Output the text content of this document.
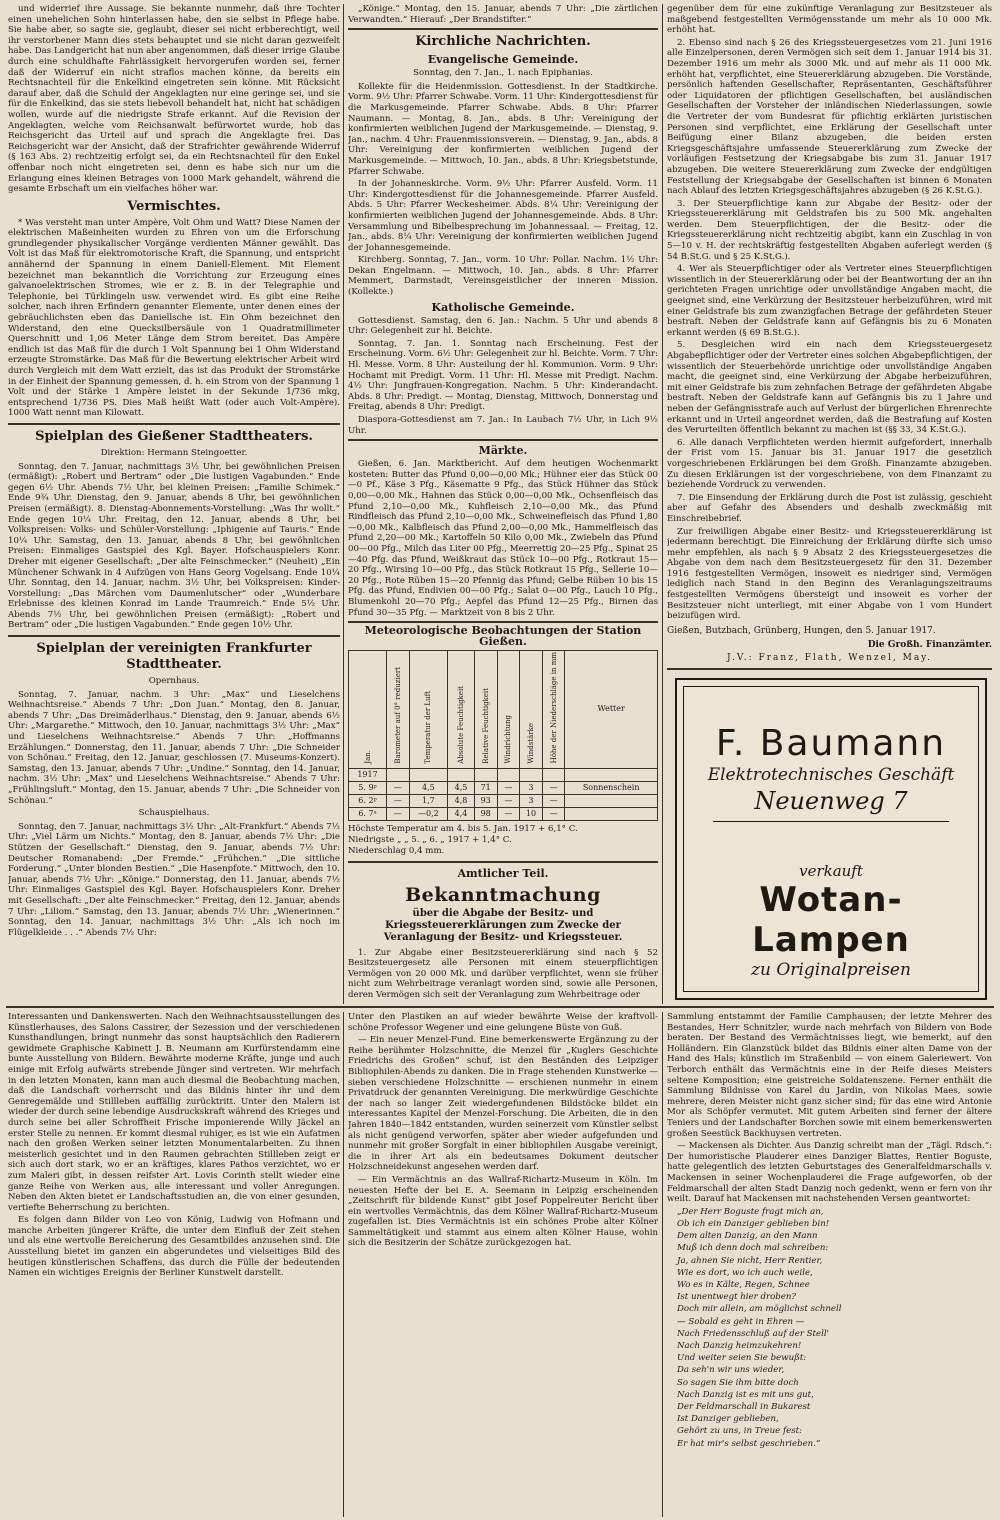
und widerrief ihre Aussage. Sie bekannte nunmehr, daß ihre Tochter einen unehelichen Sohn hinterlassen habe, den sie selbst in Pflege habe. Sie habe aber, so sagte sie, geglaubt, dieser sei nicht erbberechtigt, weil ihr verstorbener Mann dies stets behauptet und sie nicht daran gezweifelt habe. Das Landgericht hat nun aber angenommen, daß dieser irrige Glaube durch eine schuldhafte Fahrlässigkeit hervorgerufen worden sei, ferner daß der Widerruf ein nicht straflos machen könne, da bereits ein Rechtsnachteil für die Enkelkind eingetreten sein könne. Mit Rücksicht darauf aber, daß die Schuld der Angeklagten nur eine geringe sei, und sie für die Enkelkind, das sie stets liebevoll behandelt hat, nicht hat schädigen wollen, wurde auf die niedrigste Strafe erkannt. Auf die Revision der Angeklagten, welche vom Reichsanwalt befürwortet wurde, hob das Reichsgericht das Urteil auf und sprach die Angeklagte frei. Das Reichsgericht war der Ansicht, daß der Strafrichter gewährende Widerruf (§ 163 Abs. 2) rechtzeitig erfolgt sei, da ein Rechtsnachteil für den Enkel offenbar noch nicht eingetreten sei, denn es habe sich nur um die Erlangung eines kleinen Betrages von 1000 Mark gehandelt, während die gesamte Erbschaft um ein vielfaches höher war.

Vermischtes.

* Was versteht man unter Ampère, Volt Ohm und Watt? Diese Namen der elektrischen Maßeinheiten wurden zu Ehren von um die Erforschung grundlegender physikalischer Vorgänge verdienten Männer gewählt. Das Volt ist das Maß für elektromotorische Kraft, die Spannung, und entspricht annähernd der Spannung in einem Daniell-Element. Mit Element bezeichnet man bekanntlich die Vorrichtung zur Erzeugung eines galvanoelektrischen Stromes, wie er z. B. in der Telegraphie und Telephonie, bei Türklingeln usw. verwendet wird. Es gibt eine Reihe solcher, nach ihren Erfindern genannter Elemente, unter denen eines der gebräuchlichsten eben das Daniellsche ist. Ein Ohm bezeichnet den Widerstand, den eine Quecksilbersäule von 1 Quadratmillimeter Querschnitt und 1,06 Meter Länge dem Strom bereitet. Das Ampère endlich ist das Maß für die durch 1 Volt Spannung bei 1 Ohm Widerstand erzeugte Stromstärke. Das Maß für die Bewertung elektrischer Arbeit wird durch Vergleich mit dem Watt erzielt, das ist das Produkt der Stromstärke in der Einheit der Spannung gemessen, d. h. ein Strom von der Spannung 1 Volt und der Stärke 1 Ampère leistet in der Sekunde 1/736 mkg, entsprechend 1/736 PS. Dies Maß heißt Watt (oder auch Volt-Ampère). 1000 Watt nennt man Kilowatt.

Spielplan des Gießener Stadttheaters.
Direktion: Hermann Steingoetter.

Sonntag, den 7. Januar, nachmittags 3½ Uhr, bei gewöhnlichen Preisen (ermäßigt): „Robert und Bertram“ oder „Die lustigen Vagabunden.“ Ende gegen 6½ Uhr. Abends 7½ Uhr, bei kleinen Preisen: „Familie Schimek.“ Ende 9¾ Uhr. Dienstag, den 9. Januar, abends 8 Uhr, bei gewöhnlichen Preisen (ermäßigt). 8. Dienstag-Abonnements-Vorstellung: „Was Ihr wollt.“ Ende gegen 10¼ Uhr. Freitag, den 12. Januar, abends 8 Uhr, bei Volkspreisen: Volks- und Schüler-Vorstellung: „Iphigenie auf Tauris.“ Ende 10¼ Uhr. Samstag, den 13. Januar, abends 8 Uhr, bei gewöhnlichen Preisen: Einmaliges Gastspiel des Kgl. Bayer. Hofschauspielers Konr. Dreher mit eigener Gesellschaft: „Der alte Feinschmecker.“ (Neuheit) „Ein Münchener Schwank in 4 Aufzügen von Hans Georg Vogelsang. Ende 10¼ Uhr. Sonntag, den 14. Januar, nachm. 3½ Uhr, bei Volkspreisen: Kinder-Vorstellung: „Das Märchen vom Daumenlutscher“ oder „Wunderbare Erlebnisse des kleinen Konrad im Lande Traumreich.“ Ende 5½ Uhr. Abends 7½ Uhr, bei gewöhnlichen Preisen (ermäßigt): „Robert und Bertram“ oder „Die lustigen Vagabunden.“ Ende gegen 10½ Uhr.

Spielplan der vereinigten Frankfurter Stadttheater.
Opernhaus.

Sonntag, 7. Januar, nachm. 3 Uhr: „Max“ und Lieselchens Weihnachtsreise.“ Abends 7 Uhr: „Don Juan.“ Montag, den 8. Januar, abends 7 Uhr: „Das Dreimäderlhaus.“ Dienstag, den 9. Januar, abends 6½ Uhr: „Margarethe.“ Mittwoch, den 10. Januar, nachmittags 3½ Uhr: „Max“ und Lieselchens Weihnachtsreise.“ Abends 7 Uhr: „Hoffmanns Erzählungen.“ Donnerstag, den 11. Januar, abends 7 Uhr: „Die Schneider von Schönau.“ Freitag, den 12. Januar, geschlossen (7. Museums-Konzert). Samstag, den 13. Januar, abends 7 Uhr: „Undine.“ Sonntag, den 14. Januar, nachm. 3½ Uhr: „Max“ und Lieselchens Weihnachtsreise.“ Abends 7 Uhr: „Frühlingsluft.“ Montag, den 15. Januar, abends 7 Uhr: „Die Schneider von Schönau.“

Schauspielhaus.

Sonntag, den 7. Januar, nachmittags 3½ Uhr: „Alt-Frankfurt.“ Abends 7½ Uhr: „Viel Lärm um Nichts.“ Montag, den 8. Januar, abends 7½ Uhr: „Die Stützen der Gesellschaft.“ Dienstag, den 9. Januar, abends 7½ Uhr: Deutscher Romanabend: „Der Fremde.“ „Frühchen.“ „Die sittliche Forderung.“ „Unter blonden Bestien.“ „Die Hasenpfote.“ Mittwoch, den 10. Januar, abends 7½ Uhr: „Könige.“ Donnerstag, den 11. Januar, abends 7½ Uhr: Einmaliges Gastspiel des Kgl. Bayer. Hofschauspielers Konr. Dreher mit Gesellschaft: „Der alte Feinschmecker.“ Freitag, den 12. Januar, abends 7 Uhr: „Liliom.“ Samstag, den 13. Januar, abends 7½ Uhr: „Wienerinnen.“ Sonntag, den 14. Januar, nachmittags 3½ Uhr: „Als ich noch im Flügelkleide . . .“ Abends 7½ Uhr:

„Könige.“ Montag, den 15. Januar, abends 7 Uhr: „Die zärtlichen Verwandten.“ Hierauf: „Der Brandstifter.“

Kirchliche Nachrichten.
Evangelische Gemeinde.
Sonntag, den 7. Jan., 1. nach Epiphanias.

Kollekte für die Heidenmission. Gottesdienst. In der Stadtkirche. Vorm. 9½ Uhr: Pfarrer Schwabe. Vorm. 11 Uhr: Kindergottesdienst für die Markusgemeinde. Pfarrer Schwabe. Abds. 8 Uhr: Pfarrer Naumann. — Montag, 8. Jan., abds. 8 Uhr: Vereinigung der konfirmierten weiblichen Jugend der Markusgemeinde. — Dienstag, 9. Jan., nachm. 4 Uhr: Frauenmissionsverein. — Dienstag, 9. Jan., abds. 8 Uhr: Vereinigung der konfirmierten weiblichen Jugend der Markusgemeinde. — Mittwoch, 10. Jan., abds. 8 Uhr: Kriegsbetstunde, Pfarrer Schwabe.

In der Johanneskirche. Vorm. 9½ Uhr: Pfarrer Ausfeld. Vorm. 11 Uhr: Kindergottesdienst für die Johannesgemeinde. Pfarrer Ausfeld. Abds. 5 Uhr: Pfarrer Weckesheimer. Abds. 8¼ Uhr: Vereinigung der konfirmierten weiblichen Jugend der Johannesgemeinde. Abds. 8 Uhr: Versammlung und Bibelbesprechung im Johannessaal. — Freitag, 12. Jan., abds. 8¼ Uhr: Vereinigung der konfirmierten weiblichen Jugend der Johannesgemeinde.

Kirchberg. Sonntag, 7. Jan., vorm. 10 Uhr: Pollar. Nachm. 1½ Uhr: Dekan Engelmann. — Mittwoch, 10. Jan., abds. 8 Uhr: Pfarrer Memmert, Darmstadt, Vereinsgeistlicher der inneren Mission. (Kollekte.)

Katholische Gemeinde.

Gottesdienst. Samstag, den 6. Jan.: Nachm. 5 Uhr und abends 8 Uhr: Gelegenheit zur hl. Beichte.

Sonntag, 7. Jan. 1. Sonntag nach Erscheinung. Fest der Erscheinung. Vorm. 6½ Uhr: Gelegenheit zur hl. Beichte. Vorm. 7 Uhr: Hl. Messe. Vorm. 8 Uhr: Austeilung der hl. Kommunion. Vorm. 9 Uhr: Hochamt mit Predigt. Vorm. 11 Uhr: Hl. Messe mit Predigt. Nachm. 4½ Uhr: Jungfrauen-Kongregation. Nachm. 5 Uhr: Kinderandacht. Abds. 8 Uhr: Predigt. — Montag, Dienstag, Mittwoch, Donnerstag und Freitag, abends 8 Uhr: Predigt.

Diaspora-Gottesdienst am 7. Jan.: In Laubach 7½ Uhr, in Lich 9½ Uhr.

Märkte.

Gießen, 6. Jan. Marktbericht. Auf dem heutigen Wochenmarkt kosteten: Butter das Pfund 0,00—0,00 Mk.; Hühner eier das Stück 00—0 Pf., Käse 3 Pfg., Käsematte 9 Pfg., das Stück Hühner das Stück 0,00—0,00 Mk., Hahnen das Stück 0,00—0,00 Mk., Ochsenfleisch das Pfund 2,10—0,00 Mk., Kuhfleisch 2,10—0,00 Mk., das Pfund Rindfleisch das Pfund 2,10—0,00 Mk., Schweinefleisch das Pfund 1,80—0,00 Mk., Kalbfleisch das Pfund 2,00—0,00 Mk., Hammelfleisch das Pfund 2,20—00 Mk.; Kartoffeln 50 Kilo 0,00 Mk., Zwiebeln das Pfund 00—00 Pfg., Milch das Liter 00 Pfg., Meerrettig 20—25 Pfg., Spinat 25—40 Pfg. das Pfund, Weißkraut das Stück 10—00 Pfg., Rotkraut 15—20 Pfg., Wirsing 10—00 Pfg., das Stück Rotkraut 15 Pfg., Sellerie 10—20 Pfg., Rote Rüben 15—20 Pfennig das Pfund; Gelbe Rüben 10 bis 15 Pfg. das Pfund, Endivien 00—00 Pfg.; Salat 0—00 Pfg., Lauch 10 Pfg., Blumenkohl 20—70 Pfg.; Aepfel das Pfund 12—25 Pfg., Birnen das Pfund 30—35 Pfg. — Marktzeit von 8 bis 2 Uhr.

Meteorologische Beobachtungen der Station Gießen.
Jan.	Barometer auf 0° reduziert	Temperatur der Luft	Absolute Feuchtigkeit	Relative Feuchtigkeit	Windrichtung	Windstärke	Höhe der Niederschläge in mm	Wetter
1917								
5. 9ᵖ	—	4,5	4,5	71	—	3	—	Sonnenschein
6. 2ᵖ	—	1,7	4,8	93	—	3	—	
6. 7ᵃ	—	—0,2	4,4	98	—	10	—	
Höchste Temperatur am 4. bis 5. Jan. 1917 + 6,1° C.
Niedrigste „ „ 5. „ 6. „ 1917 + 1,4° C.
Niederschlag 0,4 mm.
Amtlicher Teil.
Bekanntmachung
über die Abgabe der Besitz- und Kriegssteuererklärungen zum Zwecke der Veranlagung der Besitz- und Kriegssteuer.

1. Zur Abgabe einer Besitzsteuererklärung sind nach § 52 Besitzsteuergesetz alle Personen mit einem steuerpflichtigen Vermögen von 20 000 Mk. und darüber verpflichtet, wenn sie früher nicht zum Wehrbeitrage veranlagt worden sind, sowie alle Personen, deren Vermögen sich seit der Veranlagung zum Wehrbeitrage oder

gegenüber dem für eine zukünftige Veranlagung zur Besitzsteuer als maßgebend festgestellten Vermögensstande um mehr als 10 000 Mk. erhöht hat.

2. Ebenso sind nach § 26 des Kriegssteuergesetzes vom 21. Juni 1916 alle Einzelpersonen, deren Vermögen sich seit dem 1. Januar 1914 bis 31. Dezember 1916 um mehr als 3000 Mk. und auf mehr als 11 000 Mk. erhöht hat, verpflichtet, eine Steuererklärung abzugeben. Die Vorstände, persönlich haftenden Gesellschafter, Repräsentanten, Geschäftsführer oder Liquidatoren der pflichtigen Gesellschaften, bei ausländischen Gesellschaften der Vorsteher der inländischen Niederlassungen, sowie die Vertreter der vom Bundesrat für pflichtig erklärten juristischen Personen sind verpflichtet, eine Erklärung der Gesellschaft unter Beifügung einer Bilanz abzugeben, die beiden ersten Kriegsgeschäftsjahre umfassende Steuererklärung zum Zwecke der vorläufigen Festsetzung der Kriegsabgabe bis zum 31. Januar 1917 abzugeben. Die weitere Steuererklärung zum Zwecke der endgültigen Feststellung der Kriegsabgabe der Gesellschaften ist binnen 6 Monaten nach Ablauf des letzten Kriegsgeschäftsjahres abzugeben (§ 26 K.St.G.).

3. Der Steuerpflichtige kann zur Abgabe der Besitz- oder der Kriegssteuererklärung mit Geldstrafen bis zu 500 Mk. angehalten werden. Dem Steuerpflichtigen, der die Besitz- oder die Kriegssteuererklärung nicht rechtzeitig abgibt, kann ein Zuschlag in von 5—10 v. H. der rechtskräftig festgestellten Abgaben auferlegt werden (§ 54 B.St.G. und § 25 K.St.G.).

4. Wer als Steuerpflichtiger oder als Vertreter eines Steuerpflichtigen wissentlich in der Steuererklärung oder bei der Beantwortung der an ihn gerichteten Fragen unrichtige oder unvollständige Angaben macht, die geeignet sind, eine Verkürzung der Besitzsteuer herbeizuführen, wird mit einer Geldstrafe bis zum zwanzigfachen Betrage der gefährdeten Steuer bestraft. Neben der Geldstrafe kann auf Gefängnis bis zu 6 Monaten erkannt werden (§ 69 B.St.G.).

5. Desgleichen wird ein nach dem Kriegssteuergesetz Abgabepflichtiger oder der Vertreter eines solchen Abgabepflichtigen, der wissentlich der Steuerbehörde unrichtige oder unvollständige Angaben macht, die geeignet sind, eine Verkürzung der Abgabe herbeizuführen, mit einer Geldstrafe bis zum zehnfachen Betrage der gefährdeten Abgabe bestraft. Neben der Geldstrafe kann auf Gefängnis bis zu 1 Jahre und neben der Gefängnisstrafe auch auf Verlust der bürgerlichen Ehrenrechte erkannt und in Urteil angeordnet werden, daß die Bestrafung auf Kosten des Verurteilten öffentlich bekannt zu machen ist (§§ 33, 34 K.St.G.).

6. Alle danach Verpflichteten werden hiermit aufgefordert, innerhalb der Frist vom 15. Januar bis 31. Januar 1917 die gesetzlich vorgeschriebenen Erklärungen bei dem Großh. Finanzamte abzugeben. Zu diesen Erklärungen ist der vorgeschriebene, von dem Finanzamt zu beziehende Vordruck zu verwenden.

7. Die Einsendung der Erklärung durch die Post ist zulässig, geschieht aber auf Gefahr des Absenders und deshalb zweckmäßig mit Einschreibebrief.

Zur freiwilligen Abgabe einer Besitz- und Kriegssteuererklärung ist jedermann berechtigt. Die Einreichung der Erklärung dürfte sich umso mehr empfehlen, als nach § 9 Absatz 2 des Kriegssteuergesetzes die Abgabe von dem nach dem Besitzsteuergesetz für den 31. Dezember 1916 festgestellten Vermögen, insoweit es niedriger sind, Vermögen lediglich nach Stand in den Beginn des Veranlagungszeitraums festgestellten Vermögens übersteigt und insoweit es vorher der Besitzsteuer nicht unterliegt, mit einer Abgabe von 1 vom Hundert beizufügen wird.

Gießen, Butzbach, Grünberg, Hungen, den 5. Januar 1917.
Die Großh. Finanzämter.
J.V.: Franz, Flath, Wenzel, May.
F. Baumann
Elektrotechnisches Geschäft
Neuenweg 7
verkauft
Wotan-Lampen
zu Originalpreisen

Interessanten und Dankenswerten. Nach den Weihnachtsausstellungen des Künstlerhauses, des Salons Cassirer, der Sezession und der verschiedenen Kunsthandlungen, bringt nunmehr das sonst hauptsächlich den Radierern gewidmete Graphische Kabinett J. B. Neumann am Kurfürstendamm eine bunte Ausstellung von Bildern. Bewährte moderne Kräfte, junge und auch einige mit Erfolg aufwärts strebende Jünger sind vertreten. Wir mehrfach in den letzten Monaten, kann man auch diesmal die Beobachtung machen, daß die Landschaft vorherrscht und das Bildnis hinter ihr und dem Genregemälde und Stillleben auffällig zurücktritt. Unter den Malern ist wieder der durch seine lebendige Ausdruckskraft während des Krieges und durch seine bei aller Schroffheit Frische imponierende Willy Jäckel an erster Stelle zu nennen. Er kommt diesmal ruhiger, es ist wie ein Aufatmen nach den großen Werken seiner letzten Monumentalarbeiten. Zu ihnen meisterlich gesichtet und in den Raumen gebrachten Stillleben zeigt er sich auch dort stark, wo er an kräftiges, klares Pathos verzichtet, wo er zum Maleri gibt, in dessen reifster Art. Lovis Corinth stellt wieder eine ganze Reihe von Werken aus, alle interessant und voller Anregungen. Neben den Akten bietet er Landschaftsstudien an, die von einer gesunden, vertiefte Beherrschung zu berichten.

Es folgen dann Bilder von Leo von König, Ludwig von Hofmann und manche Arbeiten jüngerer Kräfte, die unter dem Einfluß der Zeit stehen und als eine wertvolle Bereicherung des Gesamtbildes anzusehen sind. Die Ausstellung bietet im ganzen ein abgerundetes und vielseitiges Bild des heutigen künstlerischen Schaffens, das durch die Fülle der bedeutenden Namen ein wichtiges Ereignis der Berliner Kunstwelt darstellt.

Unter den Plastiken an auf wieder bewährte Weise der kraftvoll-schöne Professor Wegener und eine gelungene Büste von Guß.

— Ein neuer Menzel-Fund. Eine bemerkenswerte Ergänzung zu der Reihe berühmter Holzschnitte, die Menzel für „Kuglers Geschichte Friedrichs des Großen“ schuf, ist den Beständen des Leipziger Bibliophilen-Abends zu danken. Die in Frage stehenden Kunstwerke — sieben verschiedene Holzschnitte — erschienen nunmehr in einem Privatdruck der genannten Vereinigung. Die merkwürdige Geschichte der nach so langer Zeit wiedergefundenen Bildstöcke bildet ein interessantes Kapitel der Menzel-Forschung. Die Arbeiten, die in den Jahren 1840—1842 entstanden, wurden seinerzeit vom Künstler selbst als nicht genügend verworfen, später aber wieder aufgefunden und nunmehr mit großer Sorgfalt in einer bibliophilen Ausgabe vereinigt, die in ihrer Art als ein bedeutsames Dokument deutscher Holzschneidekunst angesehen werden darf.

— Ein Vermächtnis an das Wallraf-Richartz-Museum in Köln. Im neuesten Hefte der bei E. A. Seemann in Leipzig erscheinenden „Zeitschrift für bildende Kunst“ gibt Josef Poppelreuter Bericht über ein wertvolles Vermächtnis, das dem Kölner Wallraf-Richartz-Museum zugefallen ist. Dies Vermächtnis ist ein schönes Probe alter Kölner Sammeltätigkeit und stammt aus einem alten Kölner Hause, wohin sich die Besitzerin der Schätze zurückgezogen hat.

Sammlung entstammt der Familie Camphausen; der letzte Mehrer des Bestandes, Herr Schnitzler, wurde nach mehrfach von Bildern von Bode beraten. Der Bestand des Vermächtnisses liegt, wie bemerkt, auf den Holländern. Ein Glanzstück bildet das Bildnis einer alten Dame von der Hand des Hals; künstlich im Straßenbild — von einem Galeriewert. Von Terborch enthält das Vermächtnis eine in der Reife dieses Meisters seltene Komposition; eine geistreiche Soldatenszene. Ferner enthält die Sammlung Bildnisse von Karel du Jardin, von Nikolas Maes, sowie mehrere, deren Meister nicht ganz sicher sind; für das eine wird Antonie Mor als Schöpfer vermutet. Mit gutem Arbeiten sind ferner der ältere Teniers und der Landschafter Borchen sowie mit einem bemerkenswerten großen Seestück Backhuysen vertreten.

— Mackensen als Dichter. Aus Danzig schreibt man der „Tägl. Rdsch.“: Der humoristische Plauderer eines Danziger Blattes, Rentier Boguste, hatte gelegentlich des letzten Geburtstages des Generalfeldmarschalls v. Mackensen in seiner Wochenplauderei die Frage aufgeworfen, ob der Feldmarschall der alten Stadt Danzig noch gedenkt, wenn er fern von ihr weilt. Darauf hat Mackensen mit nachstehenden Versen geantwortet:

„Der Herr Boguste fragt mich an,

Ob ich ein Danziger geblieben bin!

Dem alten Danzig, an den Mann

Muß ich denn doch mal schreiben:

Ja, ahnen Sie nicht, Herr Rentier,

Wie es dort, wo ich auch weile,

Wo es in Kälte, Regen, Schnee

Ist unentwegt hier droben?

Doch mir allein, am möglichst schnell

— Sobald es geht in Ehren —

Nach Friedensschluß auf der Stell'

Nach Danzig heimzukehren!

Und weiter seien Sie bewußt:

Da seh'n wir uns wieder,

So sagen Sie ihm bitte doch

Nach Danzig ist es mit uns gut,

Der Feldmarschall in Bukarest

Ist Danziger geblieben,

Gehört zu uns, in Treue fest:

Er hat mir's selbst geschrieben.“
